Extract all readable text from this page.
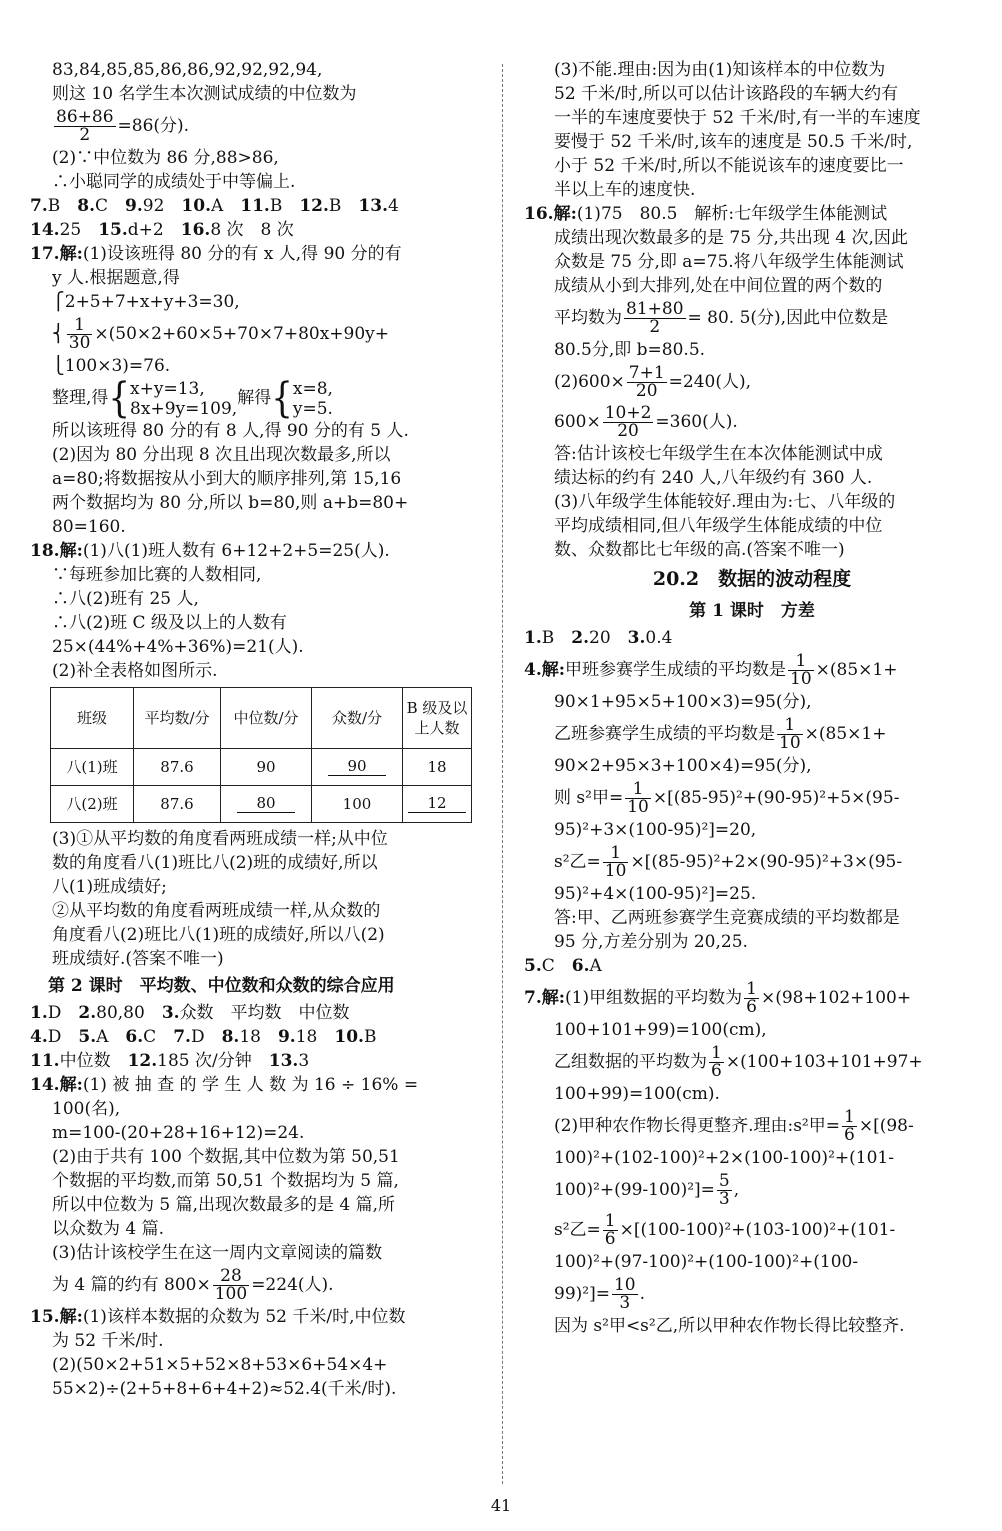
83,84,85,85,86,86,92,92,92,94,
则这 10 名学生本次测试成绩的中位数为
$\frac{86+86}{2} =86$(分).
(2)∵中位数为 86 分,88>86,
∴小聪同学的成绩处于中等偏上.
7.B　 8.C　 9.92　 10.A　 11.B　 12.B　 13.4
14.25　 15.d+2　 16.8 次　8 次
17.解:(1)设该班得 80 分的有 x 人,得 90 分的有
y 人.根据题意,得
⎧2+5+7+x+y+3=30,
⎨ $\frac{1}{30} \times(50\times 2+60\times 5+70\times 7+80x+90y+$
⎩100×3)=76.
整理,得{ x+y=13,
8x+9y=109,
解得{ x=8,
y=5.
所以该班得 80 分的有 8 人,得 90 分的有 5 人.
(2)因为 80 分出现 8 次且出现次数最多,所以
a=80;将数据按从小到大的顺序排列,第 15,16
两个数据均为 80 分,所以 b=80,则 a+b=80+
80=160.
18.解:(1)八(1)班人数有 6+12+2+5=25(人).
∵每班参加比赛的人数相同,
∴八(2)班有 25 人,
∴八(2)班 C 级及以上的人数有
25×(44%+4%+36%)=21(人).
(2)补全表格如图所示.
班级	平均数/分	中位数/分	众数/分	B 级及以
上人数

八(1)班	87.6	90	90	18
八(2)班	87.6	80	100	12
(3)①从平均数的角度看两班成绩一样;从中位
数的角度看八(1)班比八(2)班的成绩好,所以
八(1)班成绩好;
②从平均数的角度看两班成绩一样,从众数的
角度看八(2)班比八(1)班的成绩好,所以八(2)
班成绩好.(答案不唯一)
第 2 课时　平均数、中位数和众数的综合应用
1.D　 2.80,80　 3.众数　平均数　中位数
4.D　 5.A　 6.C　 7.D　 8.18　 9.18　 10.B
11.中位数　 12.185 次/分钟　 13.3
14.解:(1) 被 抽 查 的 学 生 人 数 为 16 ÷ 16% =
100(名),
m=100-(20+28+16+12)=24.
(2)由于共有 100 个数据,其中位数为第 50,51
个数据的平均数,而第 50,51 个数据均为 5 篇,
所以中位数为 5 篇,出现次数最多的是 4 篇,所
以众数为 4 篇.
(3)估计该校学生在这一周内文章阅读的篇数
为 4 篇的约有 $800\times \frac{28}{100} =224$(人).
15.解:(1)该样本数据的众数为 52 千米/时,中位数
为 52 千米/时.
(2)(50×2+51×5+52×8+53×6+54×4+
55×2)÷(2+5+8+6+4+2)≈52.4(千米/时).
(3)不能.理由:因为由(1)知该样本的中位数为
52 千米/时,所以可以估计该路段的车辆大约有
一半的车速度要快于 52 千米/时,有一半的车速度
要慢于 52 千米/时,该车的速度是 50.5 千米/时,
小于 52 千米/时,所以不能说该车的速度要比一
半以上车的速度快.
16.解:(1)75　80.5　解析:七年级学生体能测试
成绩出现次数最多的是 75 分,共出现 4 次,因此
众数是 75 分,即 a=75.将八年级学生体能测试
成绩从小到大排列,处在中间位置的两个数的
平均数为 $\frac{81+80}{2} = 80$. 5(分),因此中位数是
80.5分,即 b=80.5.
$(2)600\times \frac{7+1}{20} =240$(人),
$600\times \frac{10+2}{20} =360$(人).
答:估计该校七年级学生在本次体能测试中成
绩达标的约有 240 人,八年级约有 360 人.
(3)八年级学生体能较好.理由为:七、八年级的
平均成绩相同,但八年级学生体能成绩的中位
数、众数都比七年级的高.(答案不唯一)
20.2　数据的波动程度
第 1 课时　方差
1.B　 2.20　 3.0.4
4.解:甲班参赛学生成绩的平均数是 $\frac{1}{10} \times(85\times 1+$
90×1+95×5+100×3)=95(分),
乙班参赛学生成绩的平均数是 $\frac{1}{10} \times(85\times 1+$
90×2+95×3+100×4)=95(分),
则 s²甲= $\frac{1}{10} \times[(85-95)^2+(90-95)^2+5\times(95-$
95)²+3×(100-95)²]=20,
s²乙= $\frac{1}{10} \times[(85-95)^2+2\times(90-95)^2+3\times(95-$
95)²+4×(100-95)²]=25.
答:甲、乙两班参赛学生竞赛成绩的平均数都是
95 分,方差分别为 20,25.
5.C　 6.A
7.解:(1)甲组数据的平均数为 $\frac{1}{6} \times(98+102+100+$
100+101+99)=100(cm),
乙组数据的平均数为 $\frac{1}{6} \times(100+103+101+97+$
100+99)=100(cm).
(2)甲种农作物长得更整齐.理由:s²甲= $\frac{1}{6} \times[(98-$
100)²+(102-100)²+2×(100-100)²+(101-
$100)^2+(99-100)^2]= \frac{5}{3}$ ,
s²乙= $\frac{1}{6} \times[(100-100)^2+(103-100)^2+(101-$
100)²+(97-100)²+(100-100)²+(100-
$99)^2]= \frac{10}{3}$ .
因为 s²甲<s²乙,所以甲种农作物长得比较整齐.
41
